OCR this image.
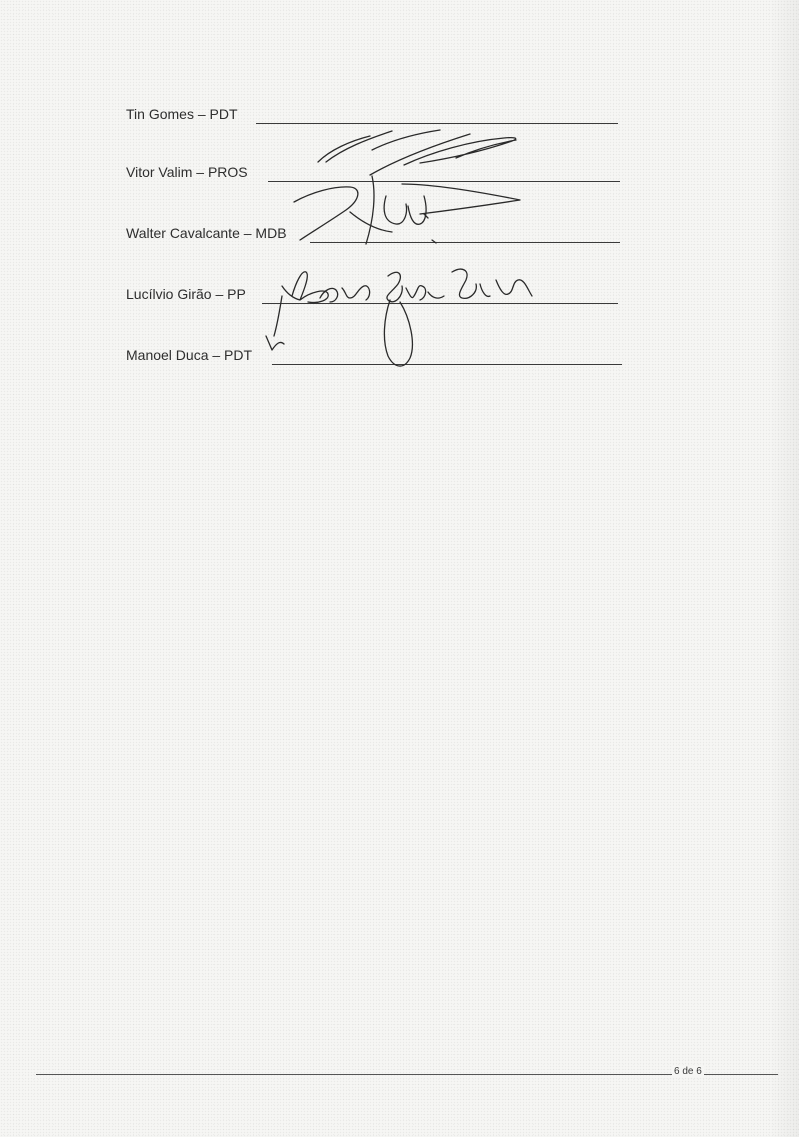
Tin Gomes – PDT
Vitor Valim – PROS
Walter Cavalcante – MDB
Lucílvio Girão – PP
Manoel Duca – PDT
6 de 6
